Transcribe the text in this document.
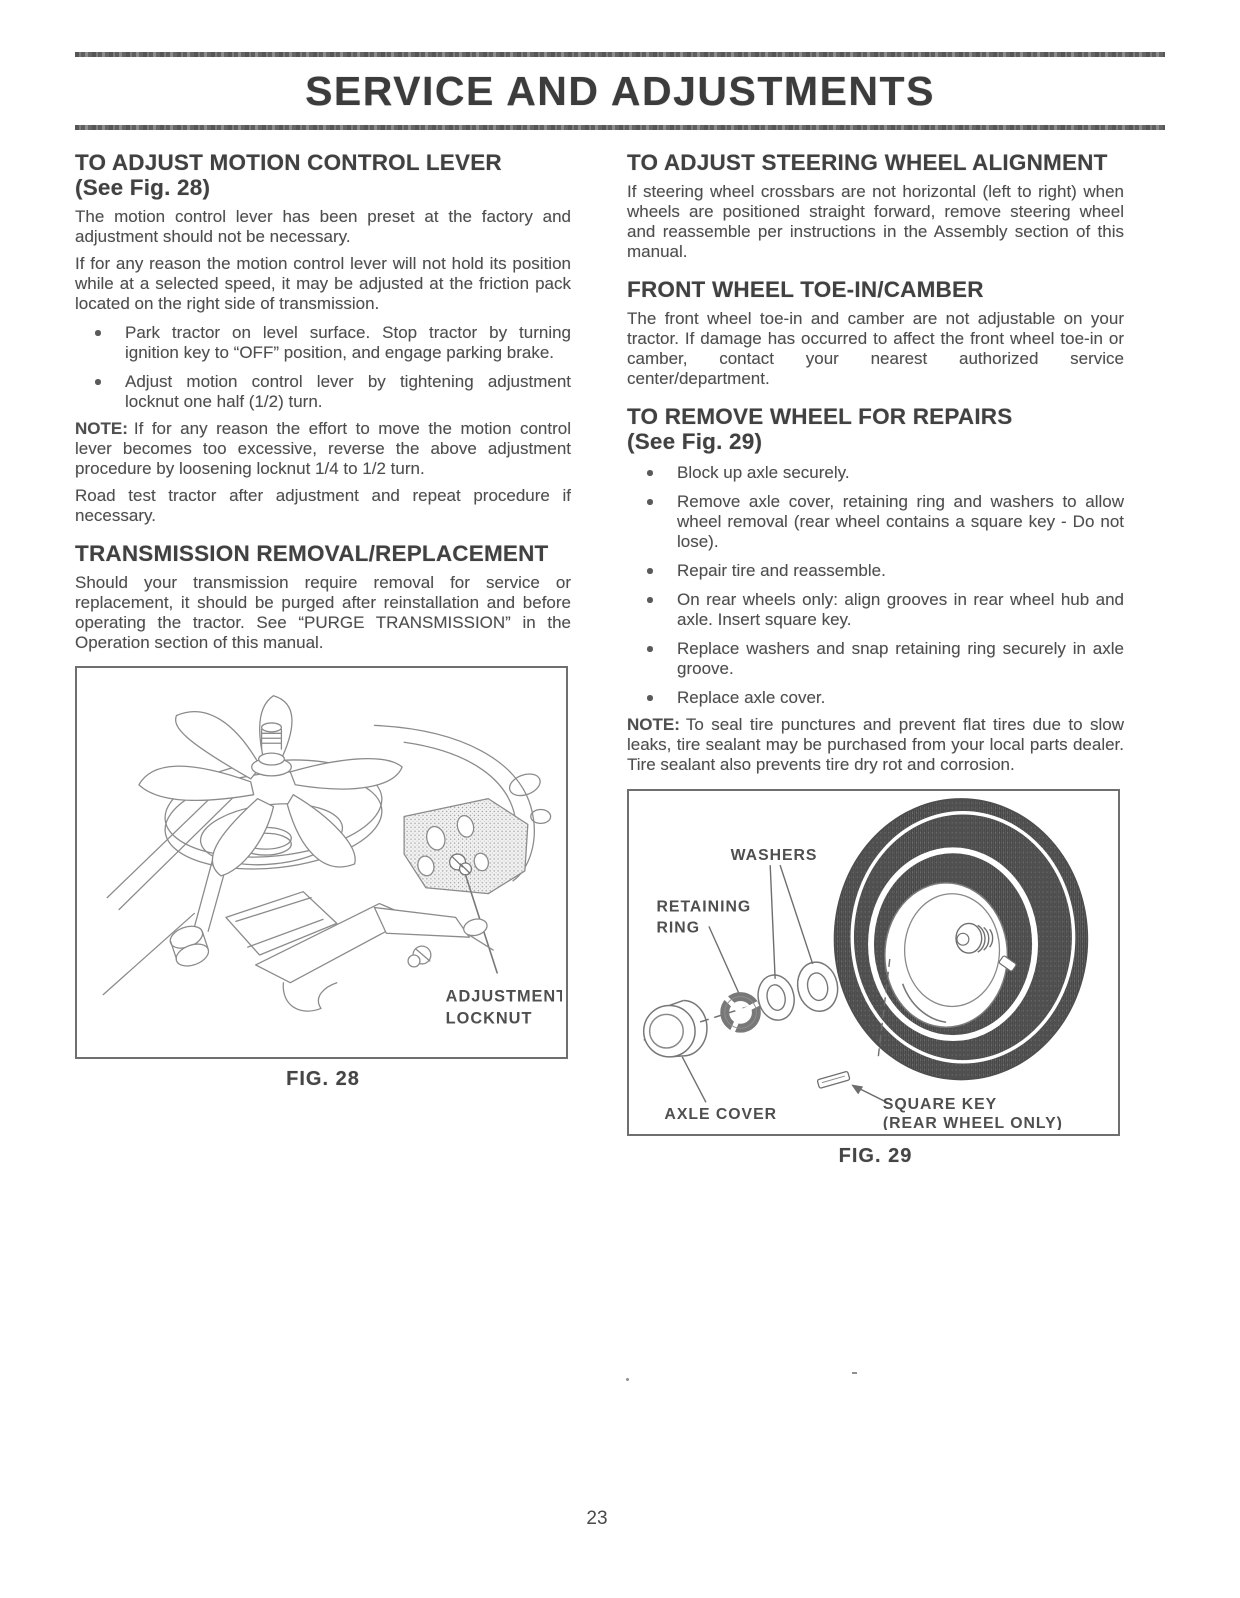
SERVICE AND ADJUSTMENTS
TO ADJUST MOTION CONTROL LEVER
(See Fig. 28)

The motion control lever has been preset at the factory and adjustment should not be necessary.

If for any reason the motion control lever will not hold its position while at a selected speed, it may be adjusted at the friction pack located on the right side of transmission.

Park tractor on level surface. Stop tractor by turning ignition key to “OFF” position, and engage parking brake.
Adjust motion control lever by tightening adjustment locknut one half (1/2) turn.

NOTE: If for any reason the effort to move the motion control lever becomes too excessive, reverse the above adjustment procedure by loosening locknut 1/4 to 1/2 turn.

Road test tractor after adjustment and repeat procedure if necessary.

TRANSMISSION REMOVAL/REPLACEMENT

Should your transmission require removal for service or replacement, it should be purged after reinstallation and before operating the tractor. See “PURGE TRANSMISSION” in the Operation section of this manual.

ADJUSTMENT
LOCKNUT
FIG. 28
TO ADJUST STEERING WHEEL ALIGNMENT

If steering wheel crossbars are not horizontal (left to right) when wheels are positioned straight forward, remove steering wheel and reassemble per instructions in the Assembly section of this manual.

FRONT WHEEL TOE-IN/CAMBER

The front wheel toe-in and camber are not adjustable on your tractor. If damage has occurred to affect the front wheel toe-in or camber, contact your nearest authorized service center/department.

TO REMOVE WHEEL FOR REPAIRS
(See Fig. 29)
Block up axle securely.
Remove axle cover, retaining ring and washers to allow wheel removal (rear wheel contains a square key - Do not lose).
Repair tire and reassemble.
On rear wheels only: align grooves in rear wheel hub and axle. Insert square key.
Replace washers and snap retaining ring securely in axle groove.
Replace axle cover.

NOTE: To seal tire punctures and prevent flat tires due to slow leaks, tire sealant may be purchased from your local parts dealer. Tire sealant also prevents tire dry rot and corrosion.

WASHERS
RETAINING
RING
AXLE COVER
SQUARE KEY
(REAR WHEEL ONLY)
FIG. 29
23
